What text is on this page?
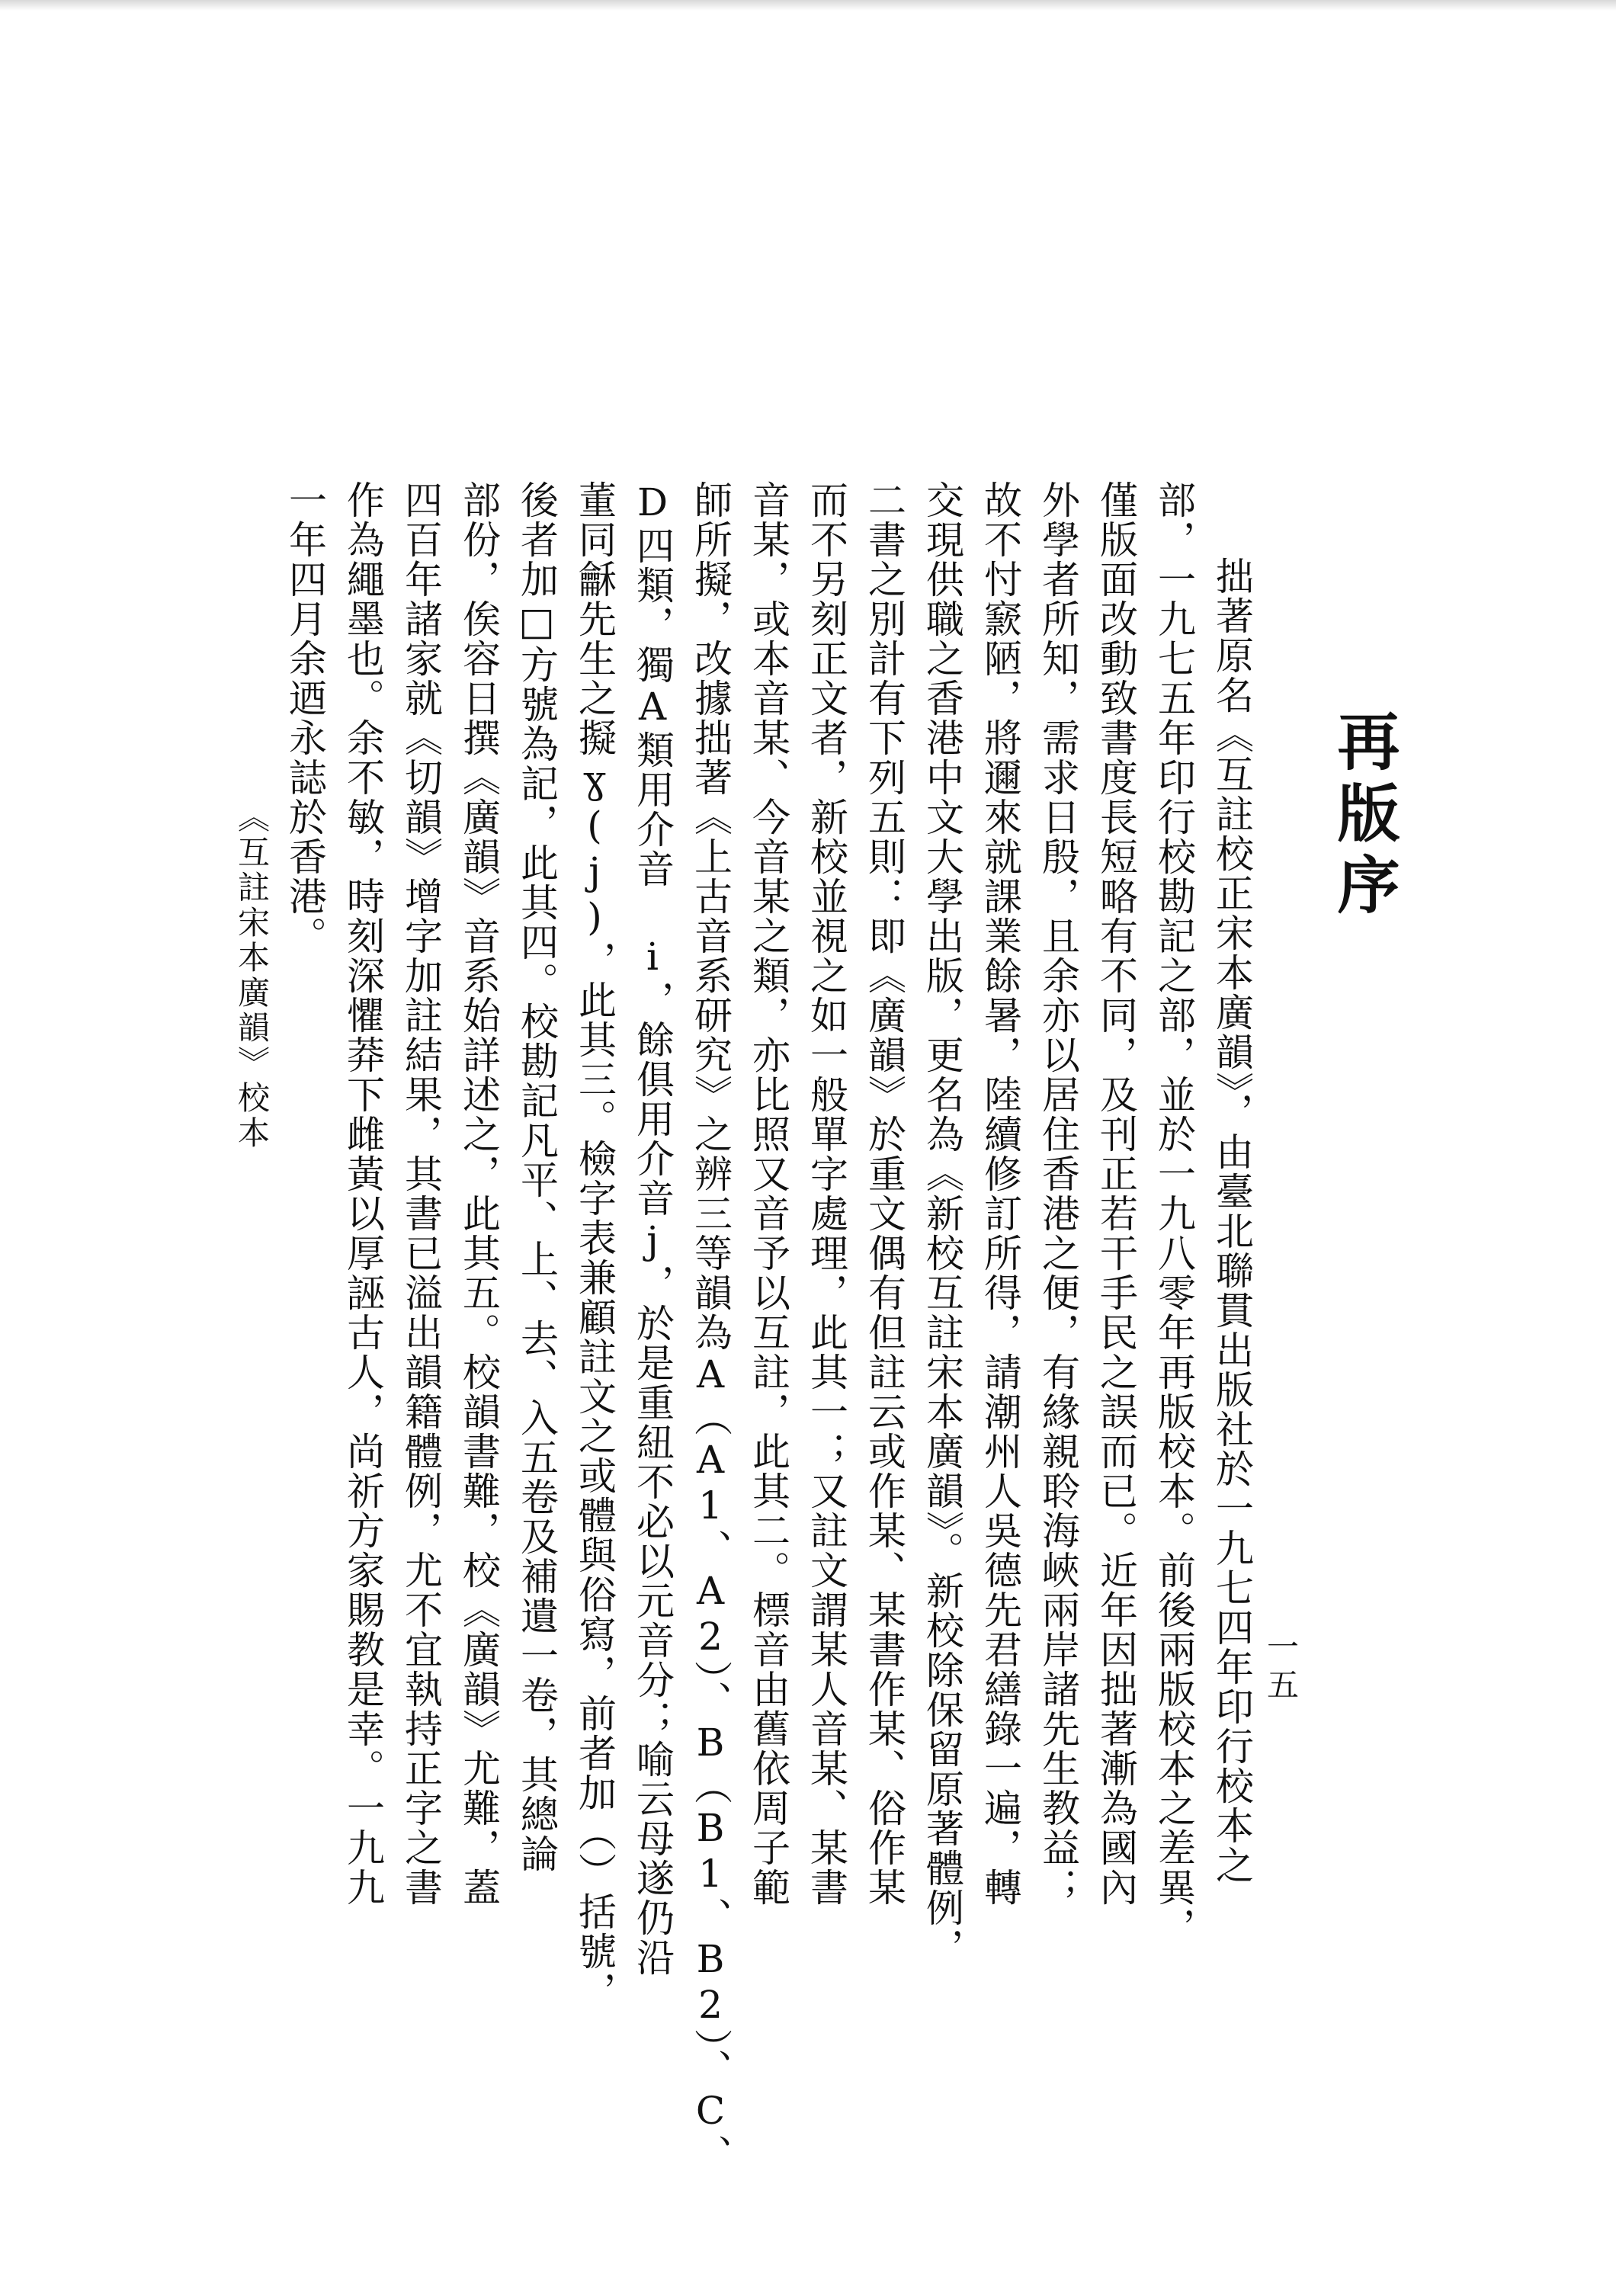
再版序
拙著原名《互註校正宋本廣韻》，由臺北聯貫出版社於一九七四年印行校本之
部，一九七五年印行校勘記之部，並於一九八零年再版校本。前後兩版校本之差異，
僅版面改動致書度長短略有不同，及刊正若干手民之誤而已。近年因拙著漸為國內
外學者所知，需求日殷，且余亦以居住香港之便，有緣親聆海峽兩岸諸先生教益；
故不忖窾陋，將邇來就課業餘暑，陸續修訂所得，請潮州人吳德先君繕錄一遍，轉
交現供職之香港中文大學出版，更名為《新校互註宋本廣韻》。新校除保留原著體例，
二書之別計有下列五則：即《廣韻》於重文偶有但註云或作某、某書作某、俗作某
而不另刻正文者，新校並視之如一般單字處理，此其一；又註文謂某人音某、某書
音某，或本音某、今音某之類，亦比照又音予以互註，此其二。標音由舊依周子範
師所擬，改據拙著《上古音系研究》之辨三等韻為A（A1、A2）、B（B1、B2）、C、
D四類，獨A類用介音 i，餘俱用介音j，於是重紐不必以元音分；喻云母遂仍沿
董同龢先生之擬ɣ(j)，此其三。檢字表兼顧註文之或體與俗寫，前者加（）括號，
後者加□方號為記，此其四。校勘記凡平、上、去、入五卷及補遺一卷，其總論
部份，俟容日撰《廣韻》音系始詳述之，此其五。校韻書難，校《廣韻》尤難，蓋
四百年諸家就《切韻》增字加註結果，其書已溢出韻籍體例，尤不宜執持正字之書
作為繩墨也。余不敏，時刻深懼莽下雌黃以厚誣古人，尚祈方家賜教是幸。一九九
一年四月余迺永誌於香港。
《互註宋本廣韻》校本
一五
